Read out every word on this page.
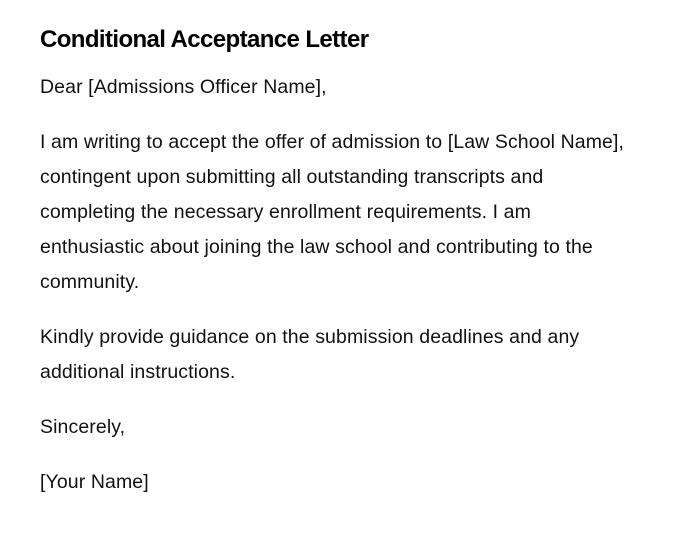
Conditional Acceptance Letter

Dear [Admissions Officer Name],

I am writing to accept the offer of admission to [Law School Name], contingent upon submitting all outstanding transcripts and completing the necessary enrollment requirements. I am enthusiastic about joining the law school and contributing to the community.

Kindly provide guidance on the submission deadlines and any additional instructions.

Sincerely,

[Your Name]
